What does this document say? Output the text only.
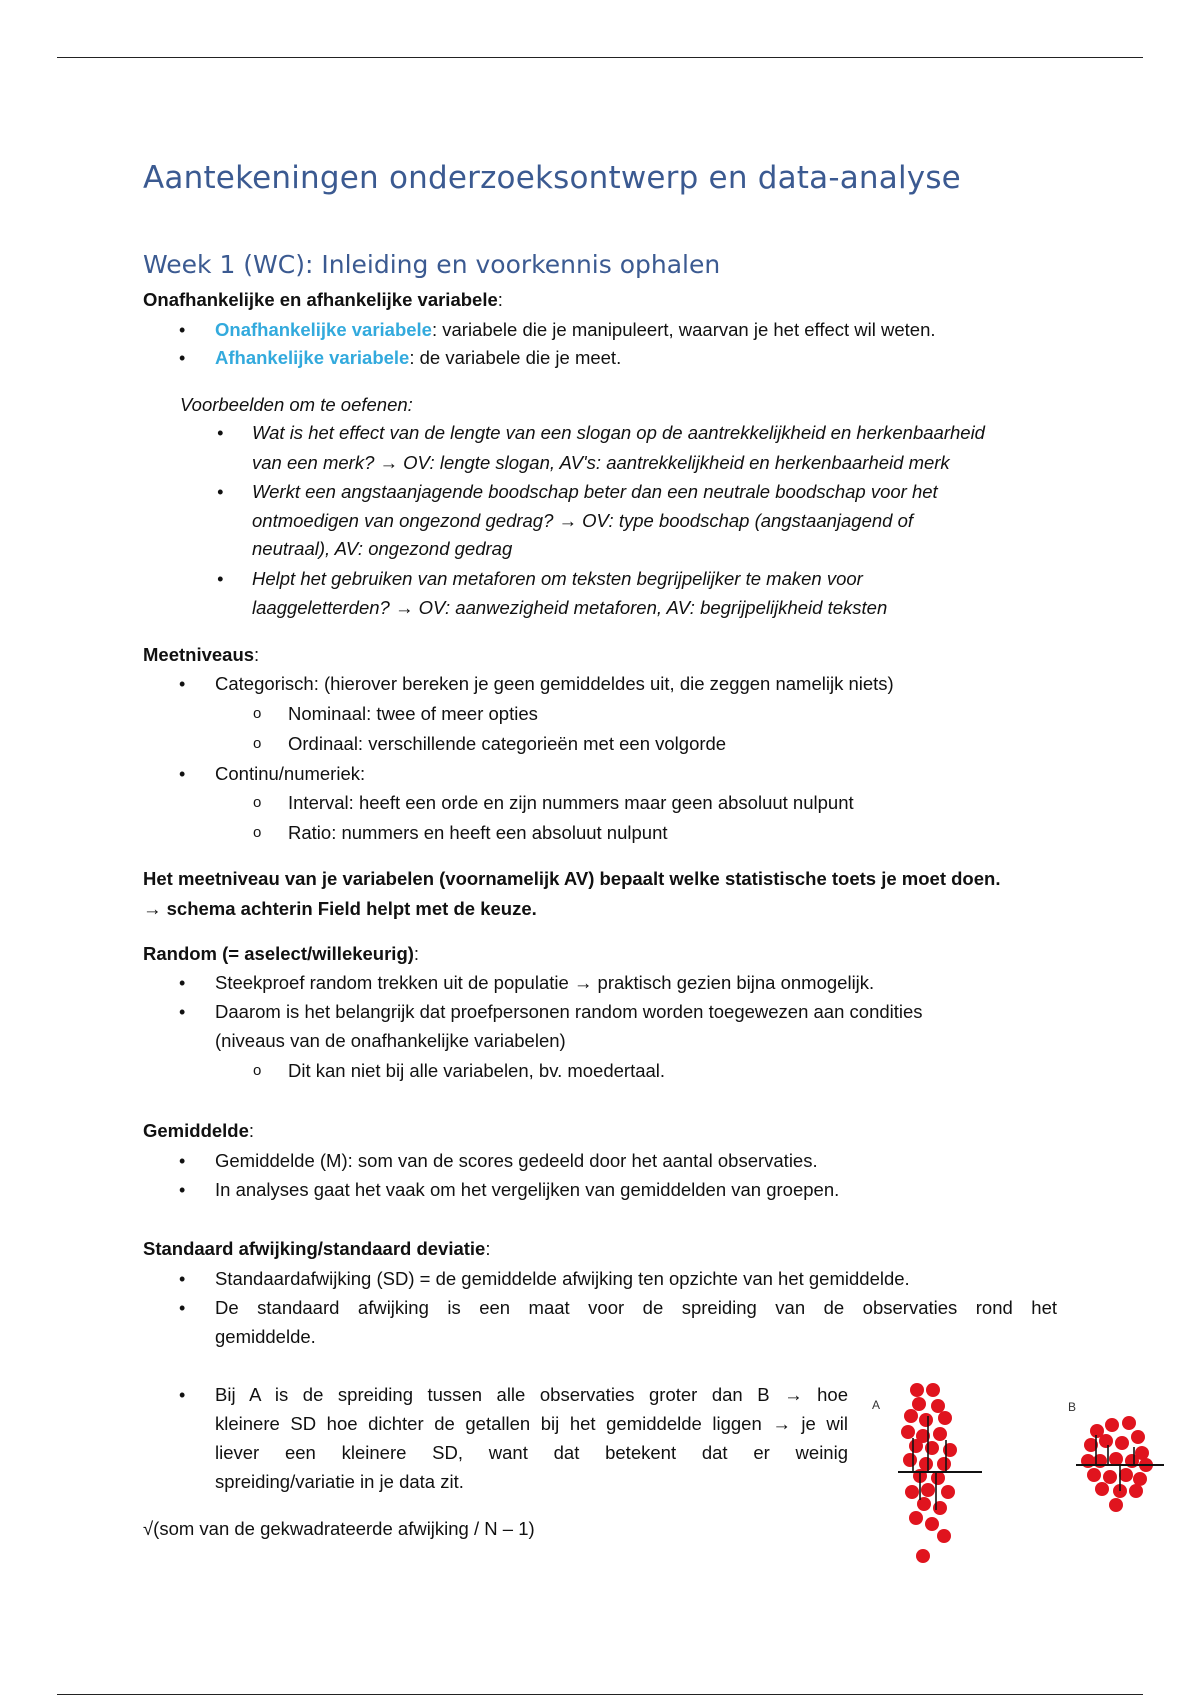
Aantekeningen onderzoeksontwerp en data-analyse
Week 1 (WC): Inleiding en voorkennis ophalen
Onafhankelijke en afhankelijke variabele:
• Onafhankelijke variabele: variabele die je manipuleert, waarvan je het effect wil weten.
• Afhankelijke variabele: de variabele die je meet.
Voorbeelden om te oefenen:
• Wat is het effect van de lengte van een slogan op de aantrekkelijkheid en herkenbaarheid
van een merk? → OV: lengte slogan, AV's: aantrekkelijkheid en herkenbaarheid merk
• Werkt een angstaanjagende boodschap beter dan een neutrale boodschap voor het
ontmoedigen van ongezond gedrag? → OV: type boodschap (angstaanjagend of
neutraal), AV: ongezond gedrag
• Helpt het gebruiken van metaforen om teksten begrijpelijker te maken voor
laaggeletterden? → OV: aanwezigheid metaforen, AV: begrijpelijkheid teksten
Meetniveaus:
• Categorisch: (hierover bereken je geen gemiddeldes uit, die zeggen namelijk niets)
o Nominaal: twee of meer opties
o Ordinaal: verschillende categorieën met een volgorde
• Continu/numeriek:
o Interval: heeft een orde en zijn nummers maar geen absoluut nulpunt
o Ratio: nummers en heeft een absoluut nulpunt
Het meetniveau van je variabelen (voornamelijk AV) bepaalt welke statistische toets je moet doen.
→ schema achterin Field helpt met de keuze.
Random (= aselect/willekeurig):
• Steekproef random trekken uit de populatie → praktisch gezien bijna onmogelijk.
• Daarom is het belangrijk dat proefpersonen random worden toegewezen aan condities
(niveaus van de onafhankelijke variabelen)
o Dit kan niet bij alle variabelen, bv. moedertaal.
Gemiddelde:
• Gemiddelde (M): som van de scores gedeeld door het aantal observaties.
• In analyses gaat het vaak om het vergelijken van gemiddelden van groepen.
Standaard afwijking/standaard deviatie:
• Standaardafwijking (SD) = de gemiddelde afwijking ten opzichte van het gemiddelde.
• De standaard afwijking is een maat voor de spreiding van de observaties rond het
gemiddelde.
• Bij A is de spreiding tussen alle observaties groter dan B → hoe
kleinere SD hoe dichter de getallen bij het gemiddelde liggen → je wil
liever een kleinere SD, want dat betekent dat er weinig
spreiding/variatie in je data zit.
√(som van de gekwadrateerde afwijking / N – 1)
A	B
